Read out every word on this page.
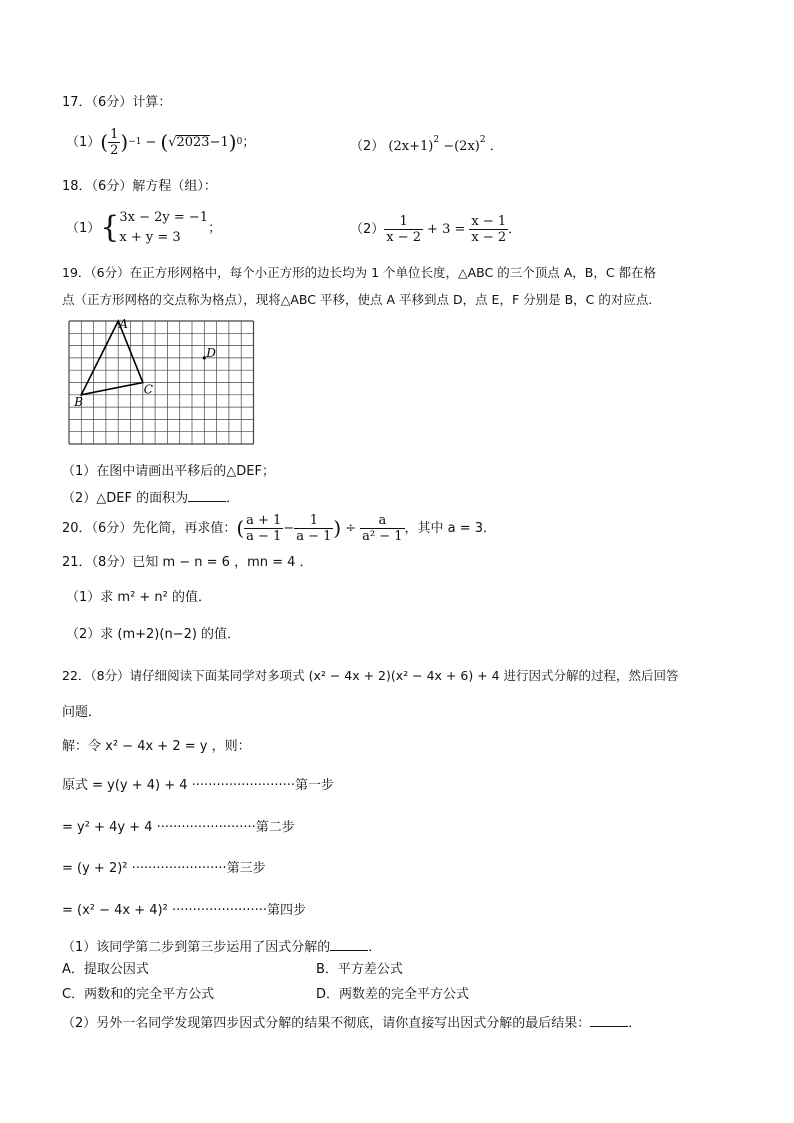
17．（6分）计算：
（1） ( $\frac{1}{2}$ ) −1 − ( √ 2023 −1 ) 0 ；	（2） $(2x+1)^2 -(2x)^2$ ．
18．（6分）解方程（组）：
（1） { 3x − 2y = −1
x + y = 3
；	$(2) \frac{1}{x - 2} + 3 = \frac{x - 1}{x - 2}$ ．
19．（6分）在正方形网格中，每个小正方形的边长均为 1 个单位长度，△ABC 的三个顶点 A，B，C 都在格
点（正方形网格的交点称为格点），现将△ABC 平移，使点 A 平移到点 D，点 E，F 分别是 B，C 的对应点．
A
B
C
D
（1）在图中请画出平移后的△DEF；
（2）△DEF 的面积为	．
20．（6分）先化简，再求值： ( $\frac{a + 1}{a - 1} - \frac{1}{a - 1}$ ) ÷ $\frac{a}{\text{a² − 1}}$ ，其中 a = 3．
21．（8分）已知 m − n = 6 ，mn = 4 ．
（1）求 m² + n² 的值．
（2）求 (m+2)(n−2) 的值．
22．（8分）请仔细阅读下面某同学对多项式 (x² − 4x + 2)(x² − 4x + 6) + 4 进行因式分解的过程，然后回答
问题．
解：令 x² − 4x + 2 = y ，则：
原式 = y(y + 4) + 4 ·························第一步
= y² + 4y + 4 ························第二步
= (y + 2)² ·······················第三步
= (x² − 4x + 4)² ·······················第四步
（1）该同学第二步到第三步运用了因式分解的	．
A．提取公因式	B．平方差公式
C．两数和的完全平方公式	D．两数差的完全平方公式
（2）另外一名同学发现第四步因式分解的结果不彻底，请你直接写出因式分解的最后结果：	．
